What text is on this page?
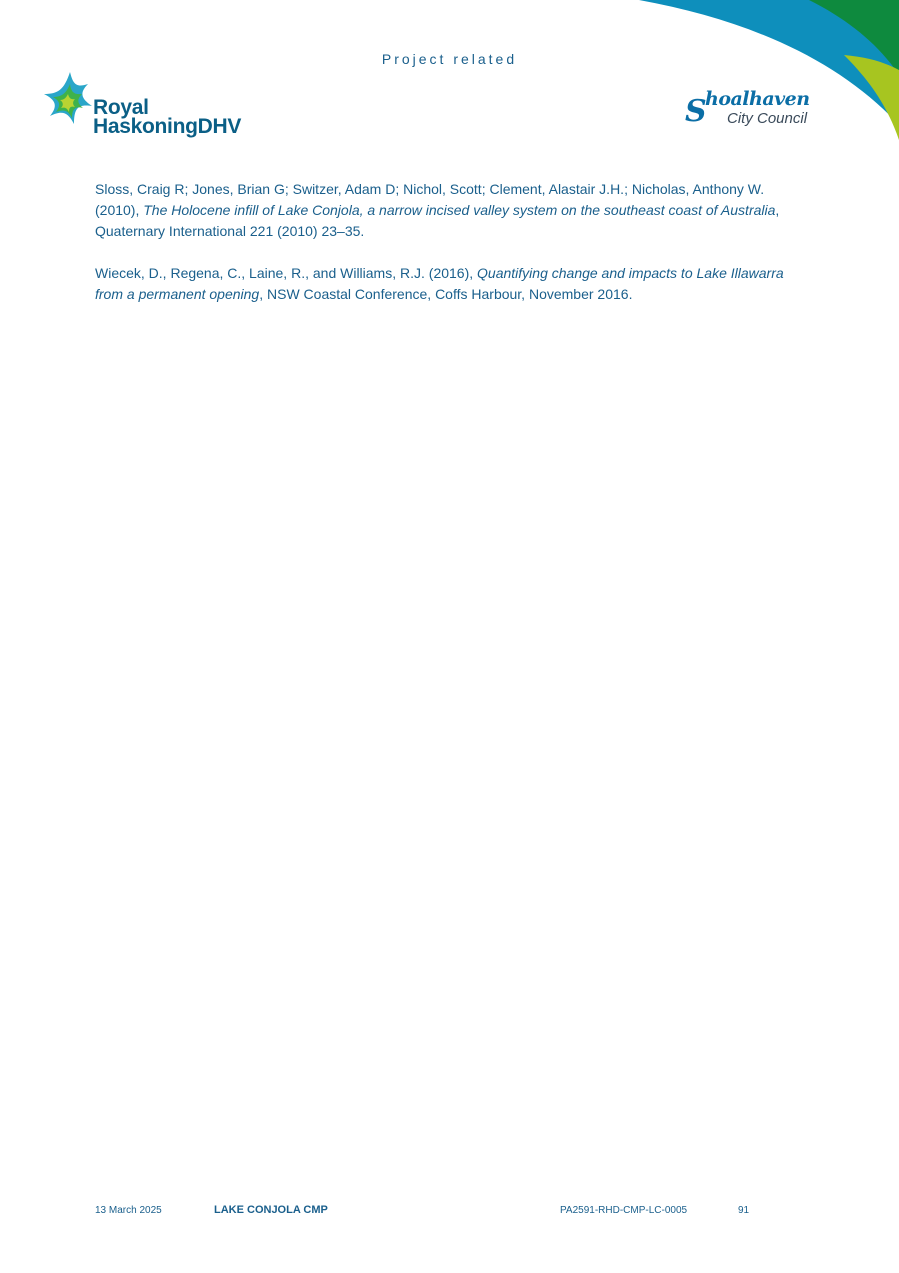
Project related
Royal
HaskoningDHV	S
hoalhaven
City Council

Sloss, Craig R; Jones, Brian G; Switzer, Adam D; Nichol, Scott; Clement, Alastair J.H.; Nicholas, Anthony W. (2010), The Holocene infill of Lake Conjola, a narrow incised valley system on the southeast coast of Australia, Quaternary International 221 (2010) 23–35.

Wiecek, D., Regena, C., Laine, R., and Williams, R.J. (2016), Quantifying change and impacts to Lake Illawarra from a permanent opening, NSW Coastal Conference, Coffs Harbour, November 2016.

13 March 2025	LAKE CONJOLA CMP	PA2591-RHD-CMP-LC-0005	91
